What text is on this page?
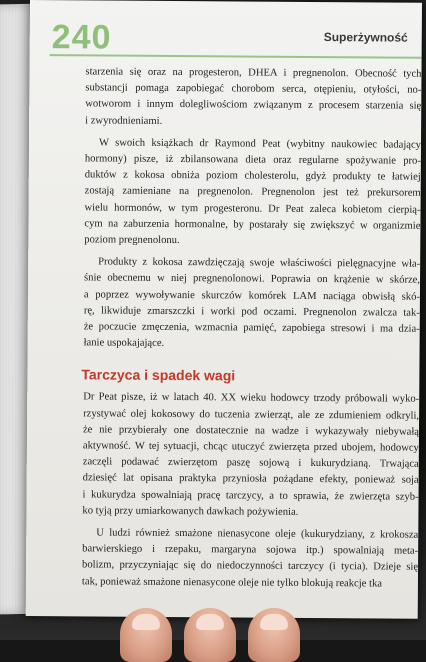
240	Superżywność
starzenia się oraz na progesteron, DHEA i pregnenolon. Obecność tych
substancji pomaga zapobiegać chorobom serca, otępieniu, otyłości, no-
wotworom i innym dolegliwościom związanym z procesem starzenia się
i zwyrodnieniami.
W swoich książkach dr Raymond Peat (wybitny naukowiec badający
hormony) pisze, iż zbilansowana dieta oraz regularne spożywanie pro-
duktów z kokosa obniża poziom cholesterolu, gdyż produkty te łatwiej
zostają zamieniane na pregnenolon. Pregnenolon jest też prekursorem
wielu hormonów, w tym progesteronu. Dr Peat zaleca kobietom cierpią-
cym na zaburzenia hormonalne, by postarały się zwiększyć w organizmie
poziom pregnenolonu.
Produkty z kokosa zawdzięczają swoje właściwości pielęgnacyjne wła-
śnie obecnemu w niej pregnenolonowi. Poprawia on krążenie w skórze,
a poprzez wywoływanie skurczów komórek LAM naciąga obwisłą skó-
rę, likwiduje zmarszczki i worki pod oczami. Pregnenolon zwalcza tak-
że poczucie zmęczenia, wzmacnia pamięć, zapobiega stresowi i ma dzia-
łanie uspokajające.
Tarczyca i spadek wagi
Dr Peat pisze, iż w latach 40. XX wieku hodowcy trzody próbowali wyko-
rzystywać olej kokosowy do tuczenia zwierząt, ale ze zdumieniem odkryli,
że nie przybierały one dostatecznie na wadze i wykazywały niebywałą
aktywność. W tej sytuacji, chcąc utuczyć zwierzęta przed ubojem, hodowcy
zaczęli podawać zwierzętom paszę sojową i kukurydzianą. Trwająca
dziesięć lat opisana praktyka przyniosła pożądane efekty, ponieważ soja
i kukurydza spowalniają pracę tarczycy, a to sprawia, że zwierzęta szyb-
ko tyją przy umiarkowanych dawkach pożywienia.
U ludzi również smażone nienasycone oleje (kukurydziany, z krokosza
barwierskiego i rzepaku, margaryna sojowa itp.) spowalniają meta-
bolizm, przyczyniając się do niedoczynności tarczycy (i tycia). Dzieje się
tak, ponieważ smażone nienasycone oleje nie tylko blokują reakcje tka
